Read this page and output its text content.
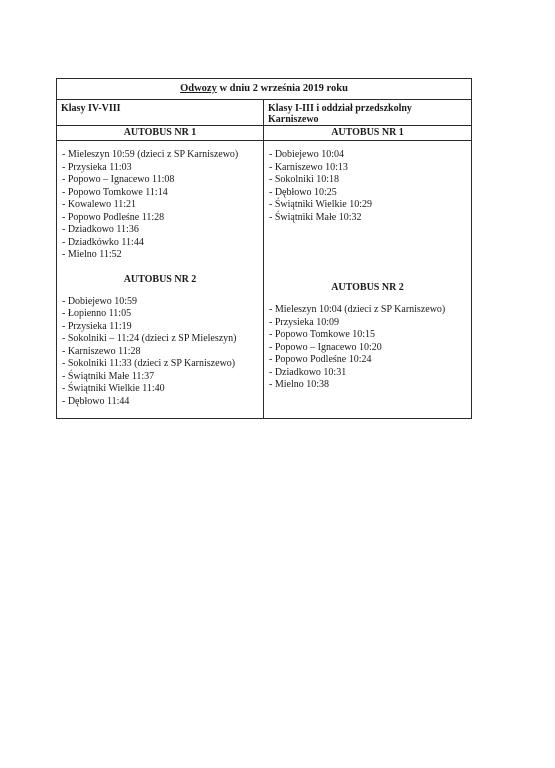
Odwozy w dniu 2 września 2019 roku
Klasy IV-VIII
AUTOBUS NR 1
- Mieleszyn 10:59 (dzieci z SP Karniszewo)
- Przysieka 11:03
- Popowo – Ignacewo 11:08
- Popowo Tomkowe 11:14
- Kowalewo 11:21
- Popowo Podleśne 11:28
- Dziadkowo 11:36
- Dziadkówko 11:44
- Mielno 11:52
AUTOBUS NR 2
- Dobiejewo 10:59
- Łopienno 11:05
- Przysieka 11:19
- Sokolniki – 11:24 (dzieci z SP Mieleszyn)
- Karniszewo 11:28
- Sokolniki 11:33 (dzieci z SP Karniszewo)
- Świątniki Małe 11:37
- Świątniki Wielkie 11:40
- Dębłowo 11:44
Klasy I-III i oddział przedszkolny
Karniszewo
AUTOBUS NR 1
- Dobiejewo 10:04
- Karniszewo 10:13
- Sokolniki 10:18
- Dębłowo 10:25
- Świątniki Wielkie 10:29
- Świątniki Małe 10:32
AUTOBUS NR 2
- Mieleszyn 10:04 (dzieci z SP Karniszewo)
- Przysieka 10:09
- Popowo Tomkowe 10:15
- Popowo – Ignacewo 10:20
- Popowo Podleśne 10:24
- Dziadkowo 10:31
- Mielno 10:38
